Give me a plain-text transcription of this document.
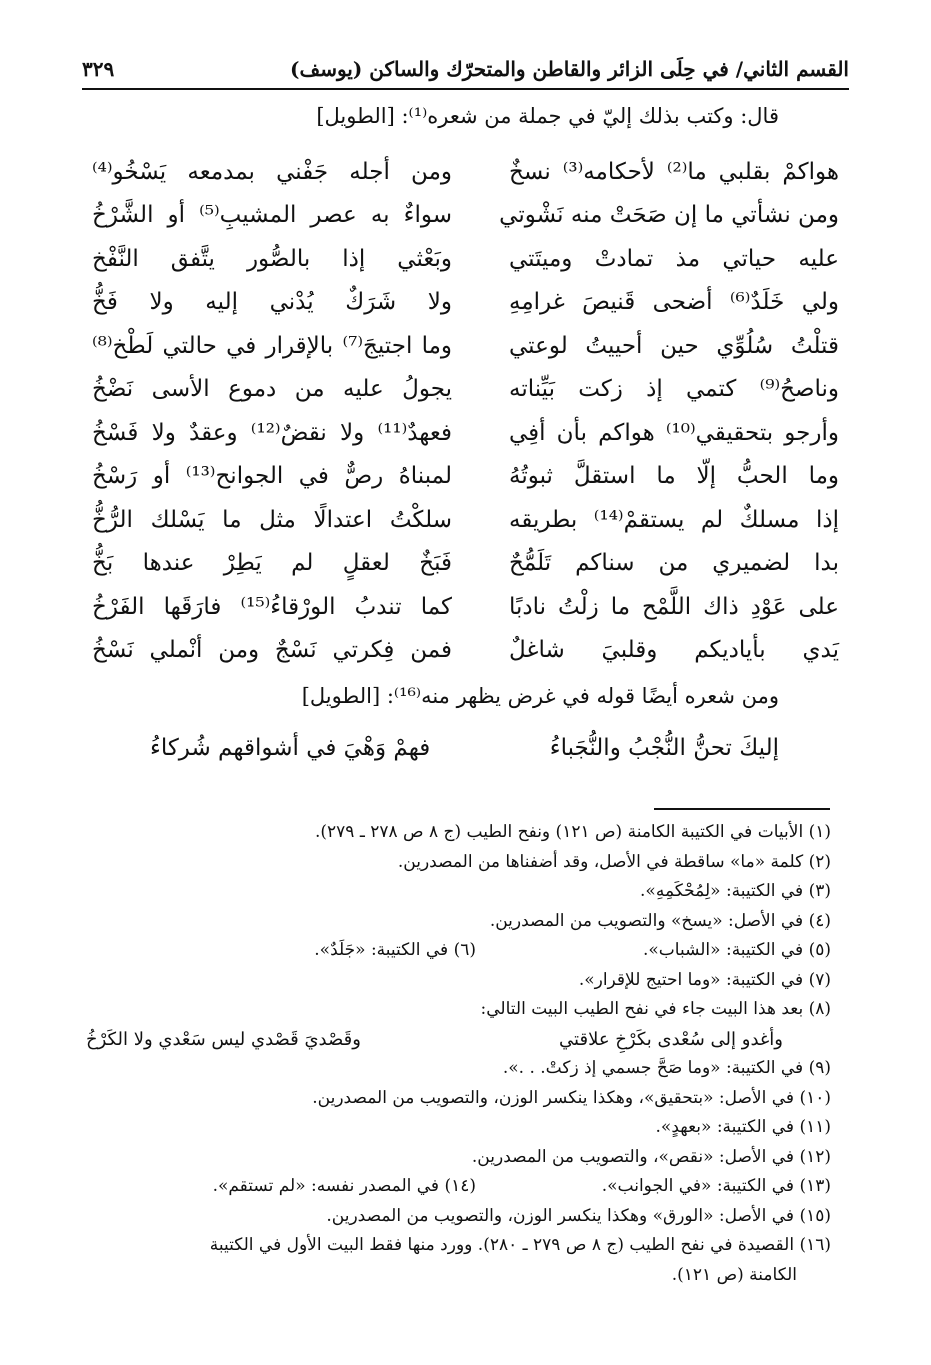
القسم الثاني/ في حِلَى الزائر والقاطن والمتحرّك والساكن (يوسف)
٣٢٩
قال: وكتب بذلك إليّ في جملة من شعره⁽¹⁾: [الطويل]
هواكمْ بقلبي ما⁽²⁾ لأحكامه⁽³⁾ نسخٌ
ومن أجله جَفْني بمدمعه يَسْخُو⁽⁴⁾
ومن نشأتي ما إن صَحَتْ منه نَشْوتي
سواءٌ به عصر المشيبِ⁽⁵⁾ أو الشَّرْخُ
عليه حياتي مذ تمادتْ وميتَتي
وبَعْثي إذا بالصُّور يتَّفق النَّفْخ
ولي خَلَدٌ⁽⁶⁾ أضحى قَنيصَ غرامِهِ
ولا شَرَكٌ يُدْني إليه ولا فَخُّ
قتلْتُ سُلُوِّي حين أحييتُ لوعتي
وما اجتيجَ⁽⁷⁾ بالإقرار في حالتي لَطْخ⁽⁸⁾
وناصحُ⁽⁹⁾ كتمي إذ زكت بَيِّناته
يجولُ عليه من دموع الأسى نَضْخُ
وأرجو بتحقيقي⁽¹⁰⁾ هواكم بأن أفِي
فعهدٌ⁽¹¹⁾ ولا نقضٌ⁽¹²⁾ وعقدٌ ولا فَسْخُ
وما الحبُّ إلّا ما استقلَّ ثبوتُهُ
لمبناهُ رصٌّ في الجوانح⁽¹³⁾ أو رَسْخُ
إذا مسلكٌ لم يستقمْ⁽¹⁴⁾ بطريقه
سلكْتُ اعتدالًا مثل ما يَسْلك الرُّخُّ
بدا لضميري من سناكم تَلَمُّحٌ
فَبَخٌ لعقلٍ لم يَطِرْ عندها بَخُّ
على عَوْدِ ذاك اللَّمْح ما زلْتُ نادبًا
كما تندبُ الورْقاءُ⁽¹⁵⁾ فارَقَها الفَرْخُ
يَدي بأياديكم وقلبيَ شاغلٌ
فمن فِكرتي نَسْجٌ ومن أنْملي نَسْخُ
ومن شعره أيضًا قوله في غرض يظهر منه⁽¹⁶⁾: [الطويل]
إليكَ تحنُّ النُّجْبُ والنُّجَباءُ
فهمْ وَهْيَ في أشواقهم شُركاءُ
(١) الأبيات في الكتيبة الكامنة (ص ١٢١) ونفح الطيب (ج ٨ ص ٢٧٨ ـ ٢٧٩).
(٢) كلمة «ما» ساقطة في الأصل، وقد أضفناها من المصدرين.
(٣) في الكتيبة: «لِمُحْكَمِهِ».
(٤) في الأصل: «يسخ» والتصويب من المصدرين.
(٥) في الكتيبة: «الشباب».
(٦) في الكتيبة: «جَلَدٌ».
(٧) في الكتيبة: «وما احتيج للإقرار».
(٨) بعد هذا البيت جاء في نفح الطيب البيت التالي:
وأغدو إلى سُعْدى بكَرْخِ علاقتي
وقَصْديَ قَصْدي ليس سَعْدي ولا الكَرْخُ
(٩) في الكتيبة: «وما صَحَّ جسمي إذ زكتْ. . .».
(١٠) في الأصل: «بتحقيق»، وهكذا ينكسر الوزن، والتصويب من المصدرين.
(١١) في الكتيبة: «بعهدٍ».
(١٢) في الأصل: «نقص»، والتصويب من المصدرين.
(١٣) في الكتيبة: «في الجوانب».
(١٤) في المصدر نفسه: «لم تستقم».
(١٥) في الأصل: «الورق» وهكذا ينكسر الوزن، والتصويب من المصدرين.
(١٦) القصيدة في نفح الطيب (ج ٨ ص ٢٧٩ ـ ٢٨٠). وورد منها فقط البيت الأول في الكتيبة
الكامنة (ص ١٢١).
